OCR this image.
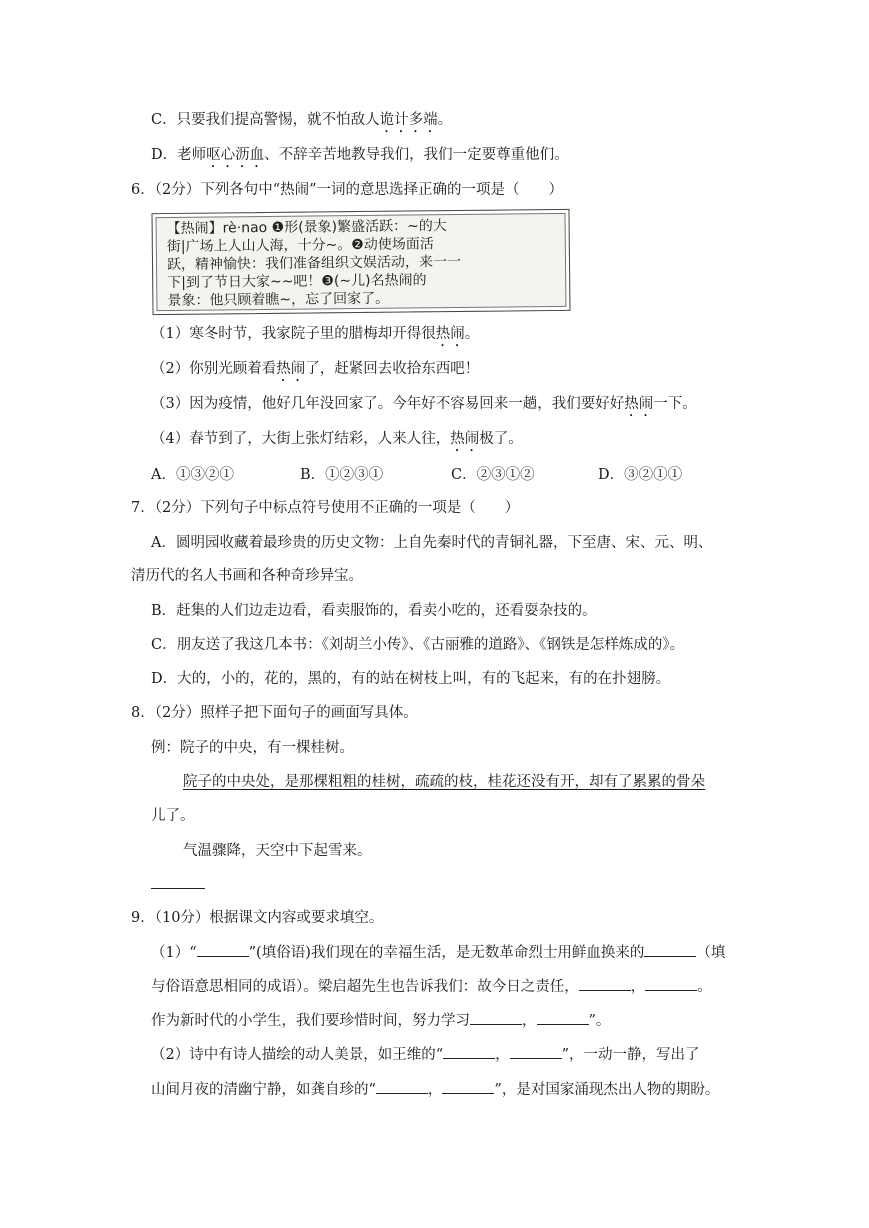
C．只要我们提高警惕，就不怕敌人诡计多端。
D．老师呕心沥血、不辞辛苦地教导我们，我们一定要尊重他们。
6．（2分）下列各句中“热闹”一词的意思选择正确的一项是（　　）
【热闹】rè·nao ❶形(景象)繁盛活跃：~的大
街|广场上人山人海，十分~。❷动使场面活
跃，精神愉快：我们准备组织文娱活动，来一一
下|到了节日大家~~吧！❸(~儿)名热闹的
景象：他只顾着瞧~，忘了回家了。
（1）寒冬时节，我家院子里的腊梅却开得很热闹。
（2）你别光顾着看热闹了，赶紧回去收拾东西吧！
（3）因为疫情，他好几年没回家了。今年好不容易回来一趟，我们要好好热闹一下。
（4）春节到了，大街上张灯结彩，人来人往，热闹极了。
A．①③②①	B．①②③①	C．②③①②	D．③②①①
7．（2分）下列句子中标点符号使用不正确的一项是（　　）
A．圆明园收藏着最珍贵的历史文物：上自先秦时代的青铜礼器，下至唐、宋、元、明、
清历代的名人书画和各种奇珍异宝。
B．赶集的人们边走边看，看卖服饰的，看卖小吃的，还看耍杂技的。
C．朋友送了我这几本书：《刘胡兰小传》、《古丽雅的道路》、《钢铁是怎样炼成的》。
D．大的，小的，花的，黑的，有的站在树枝上叫，有的飞起来，有的在扑翅膀。
8．（2分）照样子把下面句子的画面写具体。
例：院子的中央，有一棵桂树。
院子的中央处，是那棵粗粗的桂树，疏疏的枝，桂花还没有开，却有了累累的骨朵
儿了。
气温骤降，天空中下起雪来。
9．（10分）根据课文内容或要求填空。
（1）“	”(填俗语)我们现在的幸福生活，是无数革命烈士用鲜血换来的	（填
与俗语意思相同的成语）。梁启超先生也告诉我们：故今日之责任，	，	。
作为新时代的小学生，我们要珍惜时间，努力学习	，	”。
（2）诗中有诗人描绘的动人美景，如王维的“	，	”，一动一静，写出了
山间月夜的清幽宁静，如龚自珍的“	，	”，是对国家涌现杰出人物的期盼。
